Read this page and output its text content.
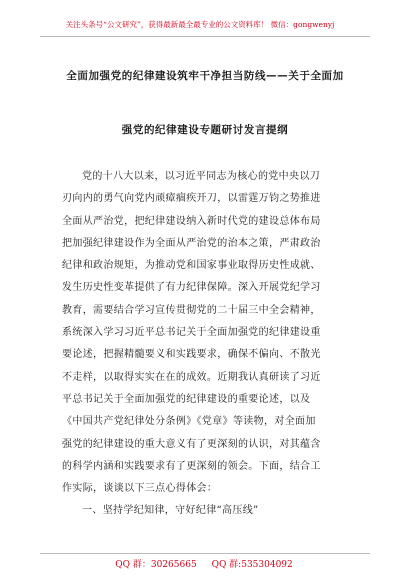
关注头条号“公文研究”，获得最新最全最专业的公文资料库！ 微信：gongwenyj
全面加强党的纪律建设筑牢干净担当防线——关于全面加
强党的纪律建设专题研讨发言提纲
党的十八大以来，以习近平同志为核心的党中央以刀
刃向内的勇气向党内顽瘴痼疾开刀，以雷霆万钧之势推进
全面从严治党，把纪律建设纳入新时代党的建设总体布局
把加强纪律建设作为全面从严治党的治本之策，严肃政治
纪律和政治规矩，为推动党和国家事业取得历史性成就、
发生历史性变革提供了有力纪律保障。深入开展党纪学习
教育，需要结合学习宣传贯彻党的二十届三中全会精神，
系统深入学习习近平总书记关于全面加强党的纪律建设重
要论述，把握精髓要义和实践要求，确保不偏向、不散光
不走样，以取得实实在在的成效。近期我认真研读了习近
平总书记关于全面加强党的纪律建设的重要论述，以及
《中国共产党纪律处分条例》《党章》等读物，对全面加
强党的纪律建设的重大意义有了更深刻的认识，对其蕴含
的科学内涵和实践要求有了更深刻的领会。下面，结合工
作实际，谈谈以下三点心得体会：
一、坚持学纪知律，守好纪律“高压线”
QQ 群：30265665 QQ 群:535304092
